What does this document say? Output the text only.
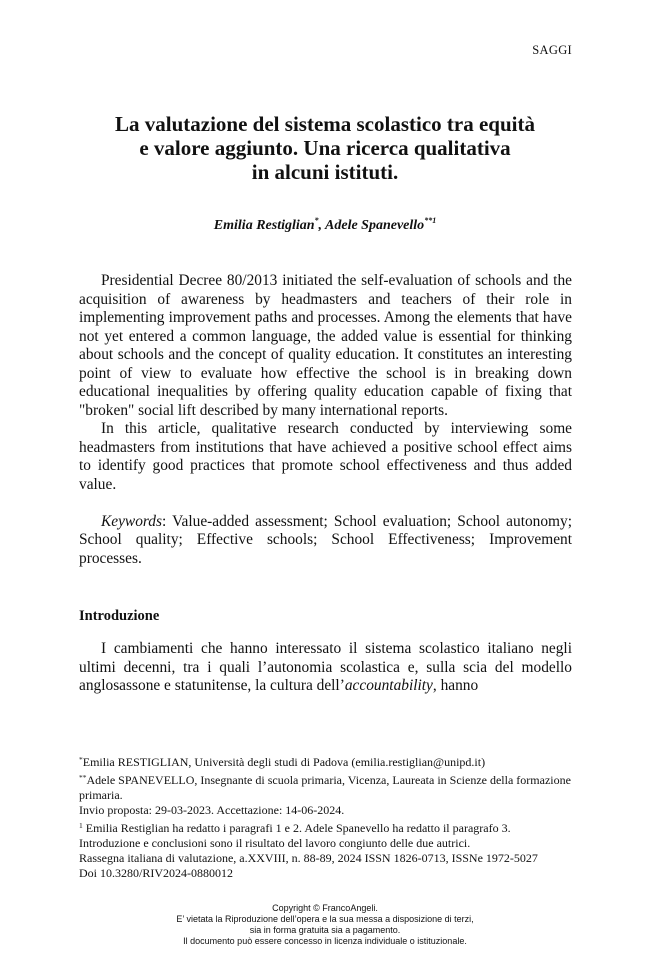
SAGGI
La valutazione del sistema scolastico tra equità
e valore aggiunto. Una ricerca qualitativa
in alcuni istituti.
Emilia Restiglian*, Adele Spanevello$^{**1}$

Presidential Decree 80/2013 initiated the self-evaluation of schools and the acquisition of awareness by headmasters and teachers of their role in implementing improvement paths and processes. Among the elements that have not yet entered a common language, the added value is essential for thinking about schools and the concept of quality education. It constitutes an interesting point of view to evaluate how effective the school is in breaking down educational inequalities by offering quality education capable of fixing that "broken" social lift described by many international reports.

In this article, qualitative research conducted by interviewing some headmasters from institutions that have achieved a positive school effect aims to identify good practices that promote school effectiveness and thus added value.

Keywords: Value-added assessment; School evaluation; School autonomy; School quality; Effective schools; School Effectiveness; Improvement processes.

Introduzione

I cambiamenti che hanno interessato il sistema scolastico italiano negli ultimi decenni, tra i quali l’autonomia scolastica e, sulla scia del modello anglosassone e statunitense, la cultura dell’accountability, hanno

*Emilia RESTIGLIAN, Università degli studi di Padova (emilia.restiglian@unipd.it)
**Adele SPANEVELLO, Insegnante di scuola primaria, Vicenza, Laureata in Scienze della formazione primaria.
Invio proposta: 29-03-2023. Accettazione: 14-06-2024.
$^1$ Emilia Restiglian ha redatto i paragrafi 1 e 2. Adele Spanevello ha redatto il paragrafo 3. Introduzione e conclusioni sono il risultato del lavoro congiunto delle due autrici.
Rassegna italiana di valutazione, a.XXVIII, n. 88-89, 2024 ISSN 1826-0713, ISSNe 1972-5027
Doi 10.3280/RIV2024-0880012
Copyright © FrancoAngeli.
E’ vietata la Riproduzione dell’opera e la sua messa a disposizione di terzi,
sia in forma gratuita sia a pagamento.
Il documento può essere concesso in licenza individuale o istituzionale.
